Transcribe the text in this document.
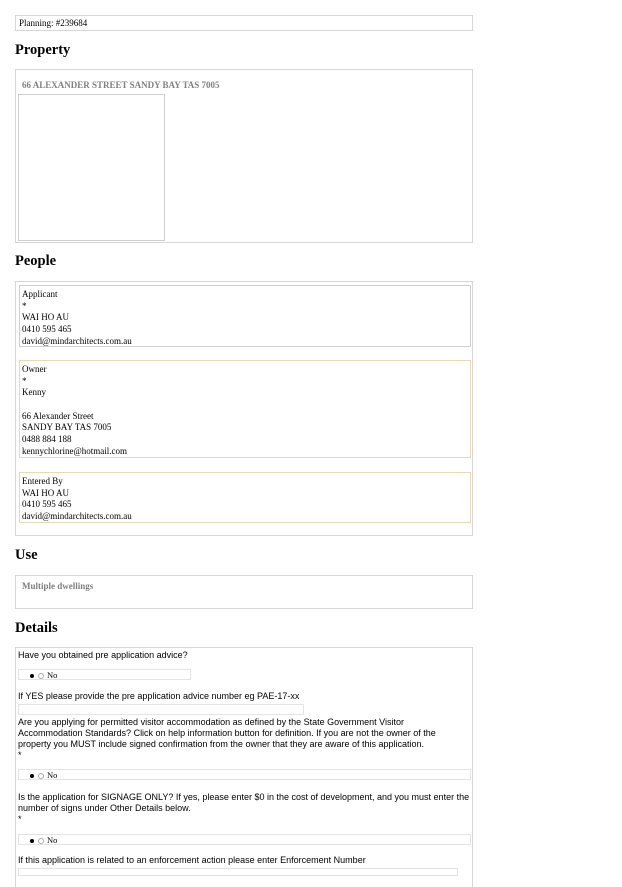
Planning: #239684
Property
66 ALEXANDER STREET SANDY BAY TAS 7005
People
Applicant
*
WAI HO AU
0410 595 465
david@mindarchitects.com.au
Owner
*
Kenny
66 Alexander Street
SANDY BAY TAS 7005
0488 884 188
kennychlorine@hotmail.com
Entered By
WAI HO AU
0410 595 465
david@mindarchitects.com.au
Use
Multiple dwellings
Details
Have you obtained pre application advice?
No
If YES please provide the pre application advice number eg PAE-17-xx
Are you applying for permitted visitor accommodation as defined by the State Government Visitor
Accommodation Standards? Click on help information button for definition. If you are not the owner of the
property you MUST include signed confirmation from the owner that they are aware of this application.
*
No
Is the application for SIGNAGE ONLY? If yes, please enter $0 in the cost of development, and you must enter the
number of signs under Other Details below.
*
No
If this application is related to an enforcement action please enter Enforcement Number
